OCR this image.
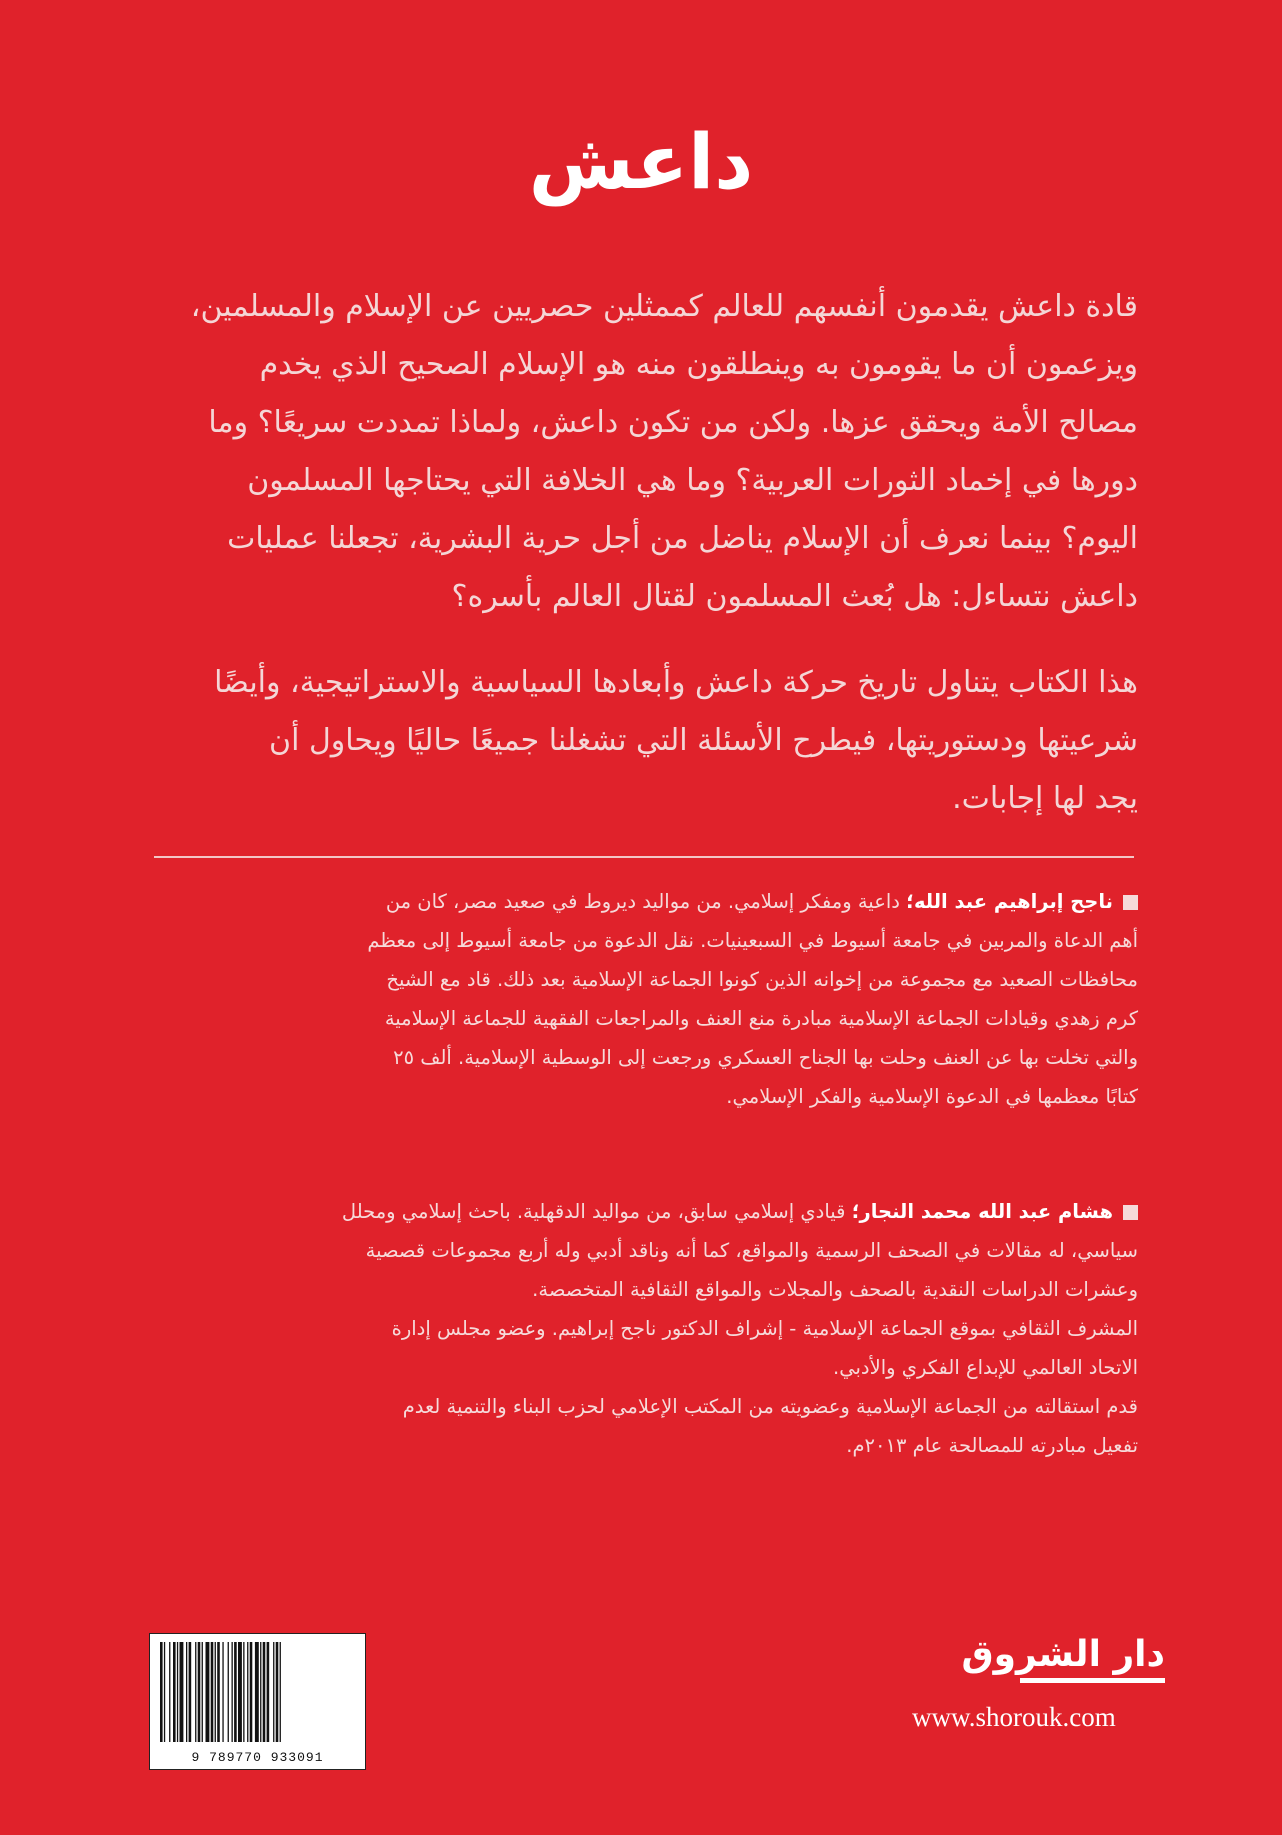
داعش
قادة داعش يقدمون أنفسهم للعالم كممثلين حصريين عن الإسلام والمسلمين،
ويزعمون أن ما يقومون به وينطلقون منه هو الإسلام الصحيح الذي يخدم
مصالح الأمة ويحقق عزها. ولكن من تكون داعش، ولماذا تمددت سريعًا؟ وما
دورها في إخماد الثورات العربية؟ وما هي الخلافة التي يحتاجها المسلمون
اليوم؟ بينما نعرف أن الإسلام يناضل من أجل حرية البشرية، تجعلنا عمليات
داعش نتساءل: هل بُعث المسلمون لقتال العالم بأسره؟
هذا الكتاب يتناول تاريخ حركة داعش وأبعادها السياسية والاستراتيجية، وأيضًا
شرعيتها ودستوريتها، فيطرح الأسئلة التي تشغلنا جميعًا حاليًا ويحاول أن
يجد لها إجابات.
ناجح إبراهيم عبد الله؛ داعية ومفكر إسلامي. من مواليد ديروط في صعيد مصر، كان من
أهم الدعاة والمربين في جامعة أسيوط في السبعينيات. نقل الدعوة من جامعة أسيوط إلى معظم
محافظات الصعيد مع مجموعة من إخوانه الذين كونوا الجماعة الإسلامية بعد ذلك. قاد مع الشيخ
كرم زهدي وقيادات الجماعة الإسلامية مبادرة منع العنف والمراجعات الفقهية للجماعة الإسلامية
والتي تخلت بها عن العنف وحلت بها الجناح العسكري ورجعت إلى الوسطية الإسلامية. ألف ٢٥
كتابًا معظمها في الدعوة الإسلامية والفكر الإسلامي.
هشام عبد الله محمد النجار؛ قيادي إسلامي سابق، من مواليد الدقهلية. باحث إسلامي ومحلل
سياسي، له مقالات في الصحف الرسمية والمواقع، كما أنه وناقد أدبي وله أربع مجموعات قصصية
وعشرات الدراسات النقدية بالصحف والمجلات والمواقع الثقافية المتخصصة.
المشرف الثقافي بموقع الجماعة الإسلامية - إشراف الدكتور ناجح إبراهيم. وعضو مجلس إدارة
الاتحاد العالمي للإبداع الفكري والأدبي.
قدم استقالته من الجماعة الإسلامية وعضويته من المكتب الإعلامي لحزب البناء والتنمية لعدم
تفعيل مبادرته للمصالحة عام ٢٠١٣م.
9 789770 933091
دار الشروق
www.shorouk.com
